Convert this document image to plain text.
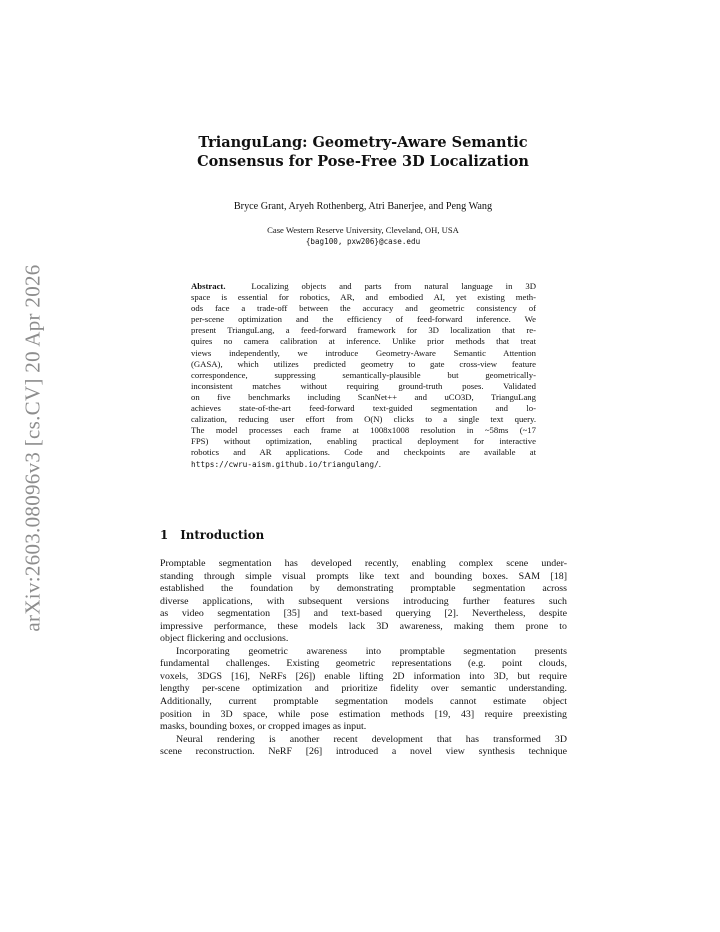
arXiv:2603.08096v3 [cs.CV] 20 Apr 2026
TrianguLang: Geometry-Aware Semantic
Consensus for Pose-Free 3D Localization
Bryce Grant, Aryeh Rothenberg, Atri Banerjee, and Peng Wang
Case Western Reserve University, Cleveland, OH, USA
{bag100, pxw206}@case.edu
Abstract.	Localizing objects and parts from natural language in 3D
space is essential for robotics, AR, and embodied AI, yet existing meth-
ods face a trade-off between the accuracy and geometric consistency of
per-scene optimization and the efficiency of feed-forward inference. We
present TrianguLang, a feed-forward framework for 3D localization that re-
quires no camera calibration at inference. Unlike prior methods that treat
views independently, we introduce Geometry-Aware Semantic Attention
(GASA), which utilizes predicted geometry to gate cross-view feature
correspondence, suppressing semantically-plausible but geometrically-
inconsistent matches without requiring ground-truth poses. Validated
on five benchmarks including ScanNet++ and uCO3D, TrianguLang
achieves state-of-the-art feed-forward text-guided segmentation and lo-
calization, reducing user effort from O(N) clicks to a single text query.
The model processes each frame at 1008x1008 resolution in ~58ms (~17
FPS) without optimization, enabling practical deployment for interactive
robotics and AR applications. Code and checkpoints are available at
https://cwru-aism.github.io/triangulang/.
1 Introduction
Promptable segmentation has developed recently, enabling complex scene under-
standing through simple visual prompts like text and bounding boxes. SAM [18]
established the foundation by demonstrating promptable segmentation across
diverse applications, with subsequent versions introducing further features such
as video segmentation [35] and text-based querying [2]. Nevertheless, despite
impressive performance, these models lack 3D awareness, making them prone to
object flickering and occlusions.
Incorporating geometric awareness into promptable segmentation presents
fundamental challenges. Existing geometric representations (e.g. point clouds,
voxels, 3DGS [16], NeRFs [26]) enable lifting 2D information into 3D, but require
lengthy per-scene optimization and prioritize fidelity over semantic understanding.
Additionally, current promptable segmentation models cannot estimate object
position in 3D space, while pose estimation methods [19, 43] require preexisting
masks, bounding boxes, or cropped images as input.
Neural rendering is another recent development that has transformed 3D
scene reconstruction. NeRF [26] introduced a novel view synthesis technique
